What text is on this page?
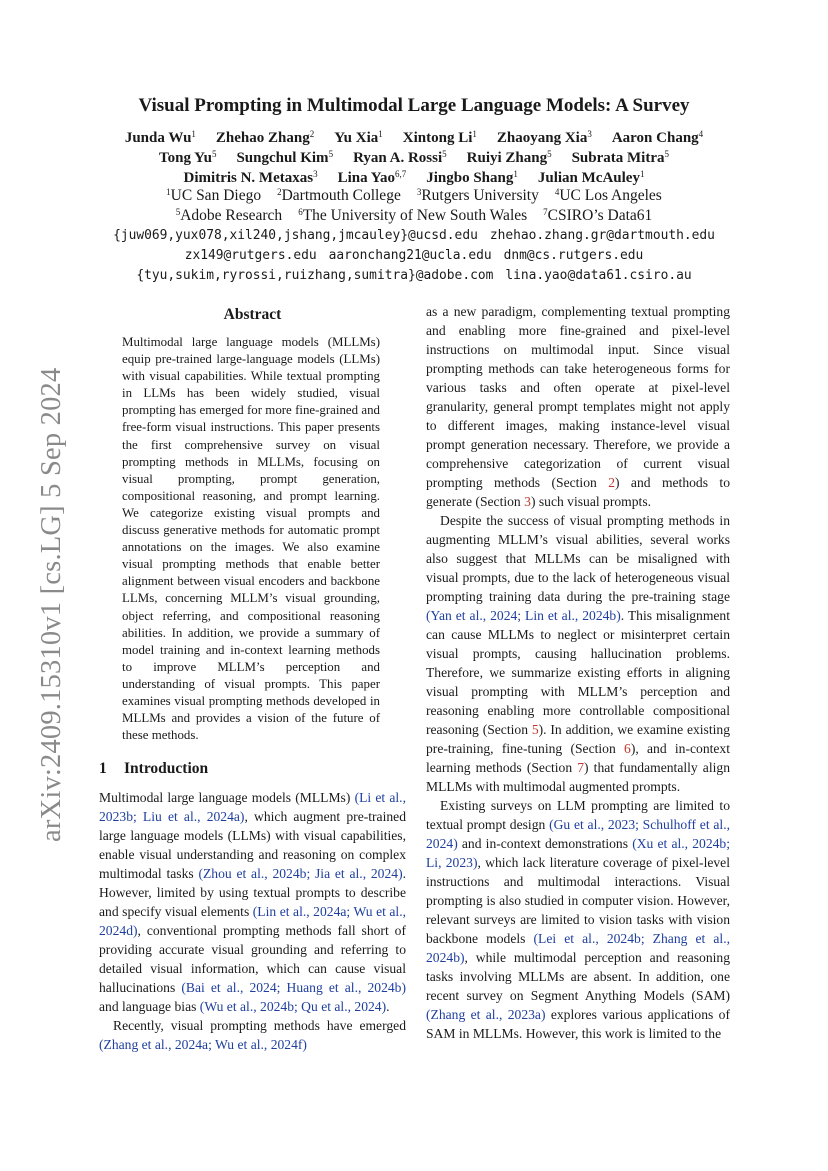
arXiv:2409.15310v1 [cs.LG] 5 Sep 2024
Visual Prompting in Multimodal Large Language Models: A Survey
Junda Wu$^1$ Zhehao Zhang$^2$ Yu Xia$^1$ Xintong Li$^1$ Zhaoyang Xia$^3$ Aaron Chang$^4$
Tong Yu$^5$ Sungchul Kim$^5$ Ryan A. Rossi$^5$ Ruiyi Zhang$^5$ Subrata Mitra$^5$
Dimitris N. Metaxas$^3$ Lina Yao$^{6,7}$ Jingbo Shang$^1$ Julian McAuley$^1$
$^1$UC San Diego $^2$Dartmouth College $^3$Rutgers University $^4$UC Los Angeles
$^5$Adobe Research $^6$The University of New South Wales $^7$CSIRO’s Data61
{juw069,yux078,xil240,jshang,jmcauley}@ucsd.edu zhehao.zhang.gr@dartmouth.edu
zx149@rutgers.edu aaronchang21@ucla.edu dnm@cs.rutgers.edu
{tyu,sukim,ryrossi,ruizhang,sumitra}@adobe.com lina.yao@data61.csiro.au
Abstract
Multimodal large language models (MLLMs) equip pre-trained large-language models (LLMs) with visual capabilities. While textual prompting in LLMs has been widely studied, visual prompting has emerged for more fine-grained and free-form visual instructions. This paper presents the first comprehensive survey on visual prompting methods in MLLMs, focusing on visual prompting, prompt generation, compositional reasoning, and prompt learning. We categorize existing visual prompts and discuss generative methods for automatic prompt annotations on the images. We also examine visual prompting methods that enable better alignment between visual encoders and backbone LLMs, concerning MLLM’s visual grounding, object referring, and compositional reasoning abilities. In addition, we provide a summary of model training and in-context learning methods to improve MLLM’s perception and understanding of visual prompts. This paper examines visual prompting methods developed in MLLMs and provides a vision of the future of these methods.
1 Introduction

Multimodal large language models (MLLMs) (Li et al., 2023b; Liu et al., 2024a), which augment pre-trained large language models (LLMs) with visual capabilities, enable visual understanding and reasoning on complex multimodal tasks (Zhou et al., 2024b; Jia et al., 2024). However, limited by using textual prompts to describe and specify visual elements (Lin et al., 2024a; Wu et al., 2024d), conventional prompting methods fall short of providing accurate visual grounding and referring to detailed visual information, which can cause visual hallucinations (Bai et al., 2024; Huang et al., 2024b) and language bias (Wu et al., 2024b; Qu et al., 2024).

Recently, visual prompting methods have emerged (Zhang et al., 2024a; Wu et al., 2024f)

as a new paradigm, complementing textual prompting and enabling more fine-grained and pixel-level instructions on multimodal input. Since visual prompting methods can take heterogeneous forms for various tasks and often operate at pixel-level granularity, general prompt templates might not apply to different images, making instance-level visual prompt generation necessary. Therefore, we provide a comprehensive categorization of current visual prompting methods (Section 2) and methods to generate (Section 3) such visual prompts.

Despite the success of visual prompting methods in augmenting MLLM’s visual abilities, several works also suggest that MLLMs can be misaligned with visual prompts, due to the lack of heterogeneous visual prompting training data during the pre-training stage (Yan et al., 2024; Lin et al., 2024b). This misalignment can cause MLLMs to neglect or misinterpret certain visual prompts, causing hallucination problems. Therefore, we summarize existing efforts in aligning visual prompting with MLLM’s perception and reasoning enabling more controllable compositional reasoning (Section 5). In addition, we examine existing pre-training, fine-tuning (Section 6), and in-context learning methods (Section 7) that fundamentally align MLLMs with multimodal augmented prompts.

Existing surveys on LLM prompting are limited to textual prompt design (Gu et al., 2023; Schulhoff et al., 2024) and in-context demonstrations (Xu et al., 2024b; Li, 2023), which lack literature coverage of pixel-level instructions and multimodal interactions. Visual prompting is also studied in computer vision. However, relevant surveys are limited to vision tasks with vision backbone models (Lei et al., 2024b; Zhang et al., 2024b), while multimodal perception and reasoning tasks involving MLLMs are absent. In addition, one recent survey on Segment Anything Models (SAM) (Zhang et al., 2023a) explores various applications of SAM in MLLMs. However, this work is limited to the
